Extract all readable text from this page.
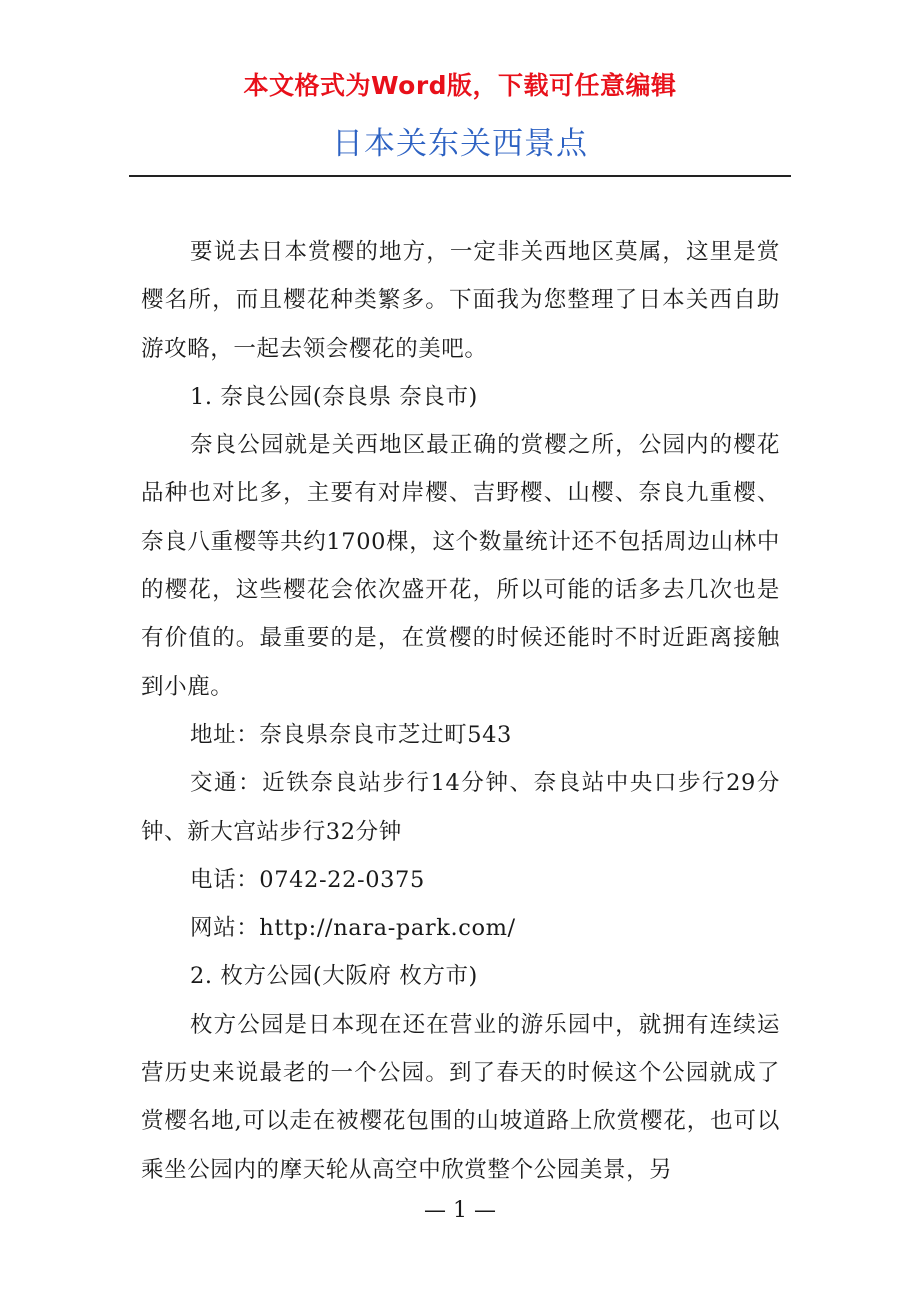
本文格式为Word版，下载可任意编辑
日本关东关西景点

要说去日本赏樱的地方，一定非关西地区莫属，这里是赏樱名所，而且樱花种类繁多。下面我为您整理了日本关西自助游攻略，一起去领会樱花的美吧。

1. 奈良公园(奈良県 奈良市)

奈良公园就是关西地区最正确的赏樱之所，公园内的樱花品种也对比多，主要有对岸樱、吉野樱、山樱、奈良九重樱、奈良八重樱等共约1700棵，这个数量统计还不包括周边山林中的樱花，这些樱花会依次盛开花，所以可能的话多去几次也是有价值的。最重要的是，在赏樱的时候还能时不时近距离接触到小鹿。

地址：奈良県奈良市芝辻町543

交通：近铁奈良站步行14分钟、奈良站中央口步行29分钟、新大宫站步行32分钟

电话：0742-22-0375

网站：http://nara-park.com/

2. 枚方公园(大阪府 枚方市)

枚方公园是日本现在还在营业的游乐园中，就拥有连续运营历史来说最老的一个公园。到了春天的时候这个公园就成了赏樱名地,可以走在被樱花包围的山坡道路上欣赏樱花，也可以乘坐公园内的摩天轮从高空中欣赏整个公园美景，另

— 1 —
